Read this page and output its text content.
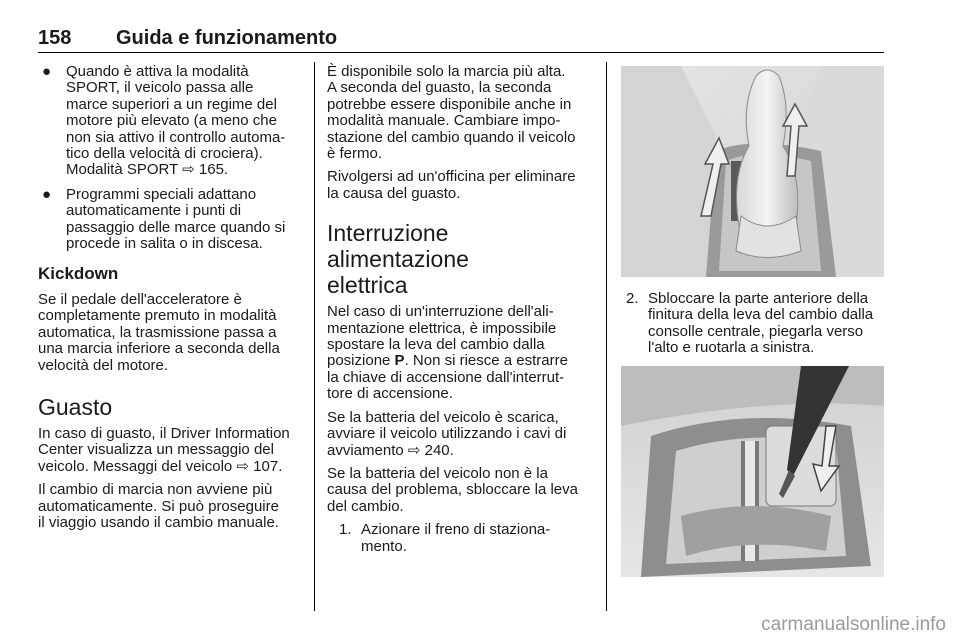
158 Guida e funzionamento
● Quando è attiva la modalità
SPORT, il veicolo passa alle
marce superiori a un regime del
motore più elevato (a meno che
non sia attivo il controllo automa-
tico della velocità di crociera).
Modalità SPORT ⇨ 165.
● Programmi speciali adattano
automaticamente i punti di
passaggio delle marce quando si
procede in salita o in discesa.
Kickdown

Se il pedale dell'acceleratore è
completamente premuto in modalità
automatica, la trasmissione passa a
una marcia inferiore a seconda della
velocità del motore.

Guasto

In caso di guasto, il Driver Information
Center visualizza un messaggio del
veicolo. Messaggi del veicolo ⇨ 107.

Il cambio di marcia non avviene più
automaticamente. Si può proseguire
il viaggio usando il cambio manuale.

È disponibile solo la marcia più alta.
A seconda del guasto, la seconda
potrebbe essere disponibile anche in
modalità manuale. Cambiare impo-
stazione del cambio quando il veicolo
è fermo.

Rivolgersi ad un'officina per eliminare
la causa del guasto.

Interruzione alimentazione
elettrica

Nel caso di un'interruzione dell'ali-
mentazione elettrica, è impossibile
spostare la leva del cambio dalla
posizione P. Non si riesce a estrarre
la chiave di accensione dall'interrut-
tore di accensione.

Se la batteria del veicolo è scarica,
avviare il veicolo utilizzando i cavi di
avviamento ⇨ 240.

Se la batteria del veicolo non è la
causa del problema, sbloccare la leva
del cambio.

1. Azionare il freno di staziona-
mento.
2. Sbloccare la parte anteriore della
finitura della leva del cambio dalla
consolle centrale, piegarla verso
l'alto e ruotarla a sinistra.
carmanualsonline.info
